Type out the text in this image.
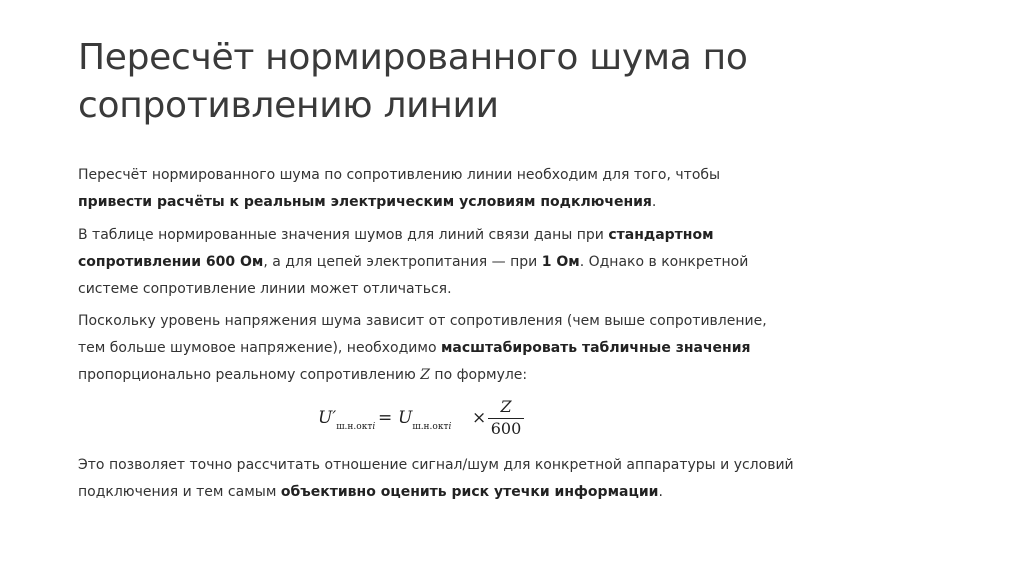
Пересчёт нормированного шума по сопротивлению линии

Пересчёт нормированного шума по сопротивлению линии необходим для того, чтобы привести расчёты к реальным электрическим условиям подключения.

В таблице нормированные значения шумов для линий связи даны при стандартном сопротивлении 600 Ом, а для цепей электропитания — при 1 Ом. Однако в конкретной системе сопротивление линии может отличаться.

Поскольку уровень напряжения шума зависит от сопротивления (чем выше сопротивление, тем больше шумовое напряжение), необходимо масштабировать табличные значения пропорционально реальному сопротивлению Z по формуле:

$U'_{ш.н.октi} = U_{ш.н.октi} \times \frac{Z}{600}$

Это позволяет точно рассчитать отношение сигнал/шум для конкретной аппаратуры и условий подключения и тем самым объективно оценить риск утечки информации.
